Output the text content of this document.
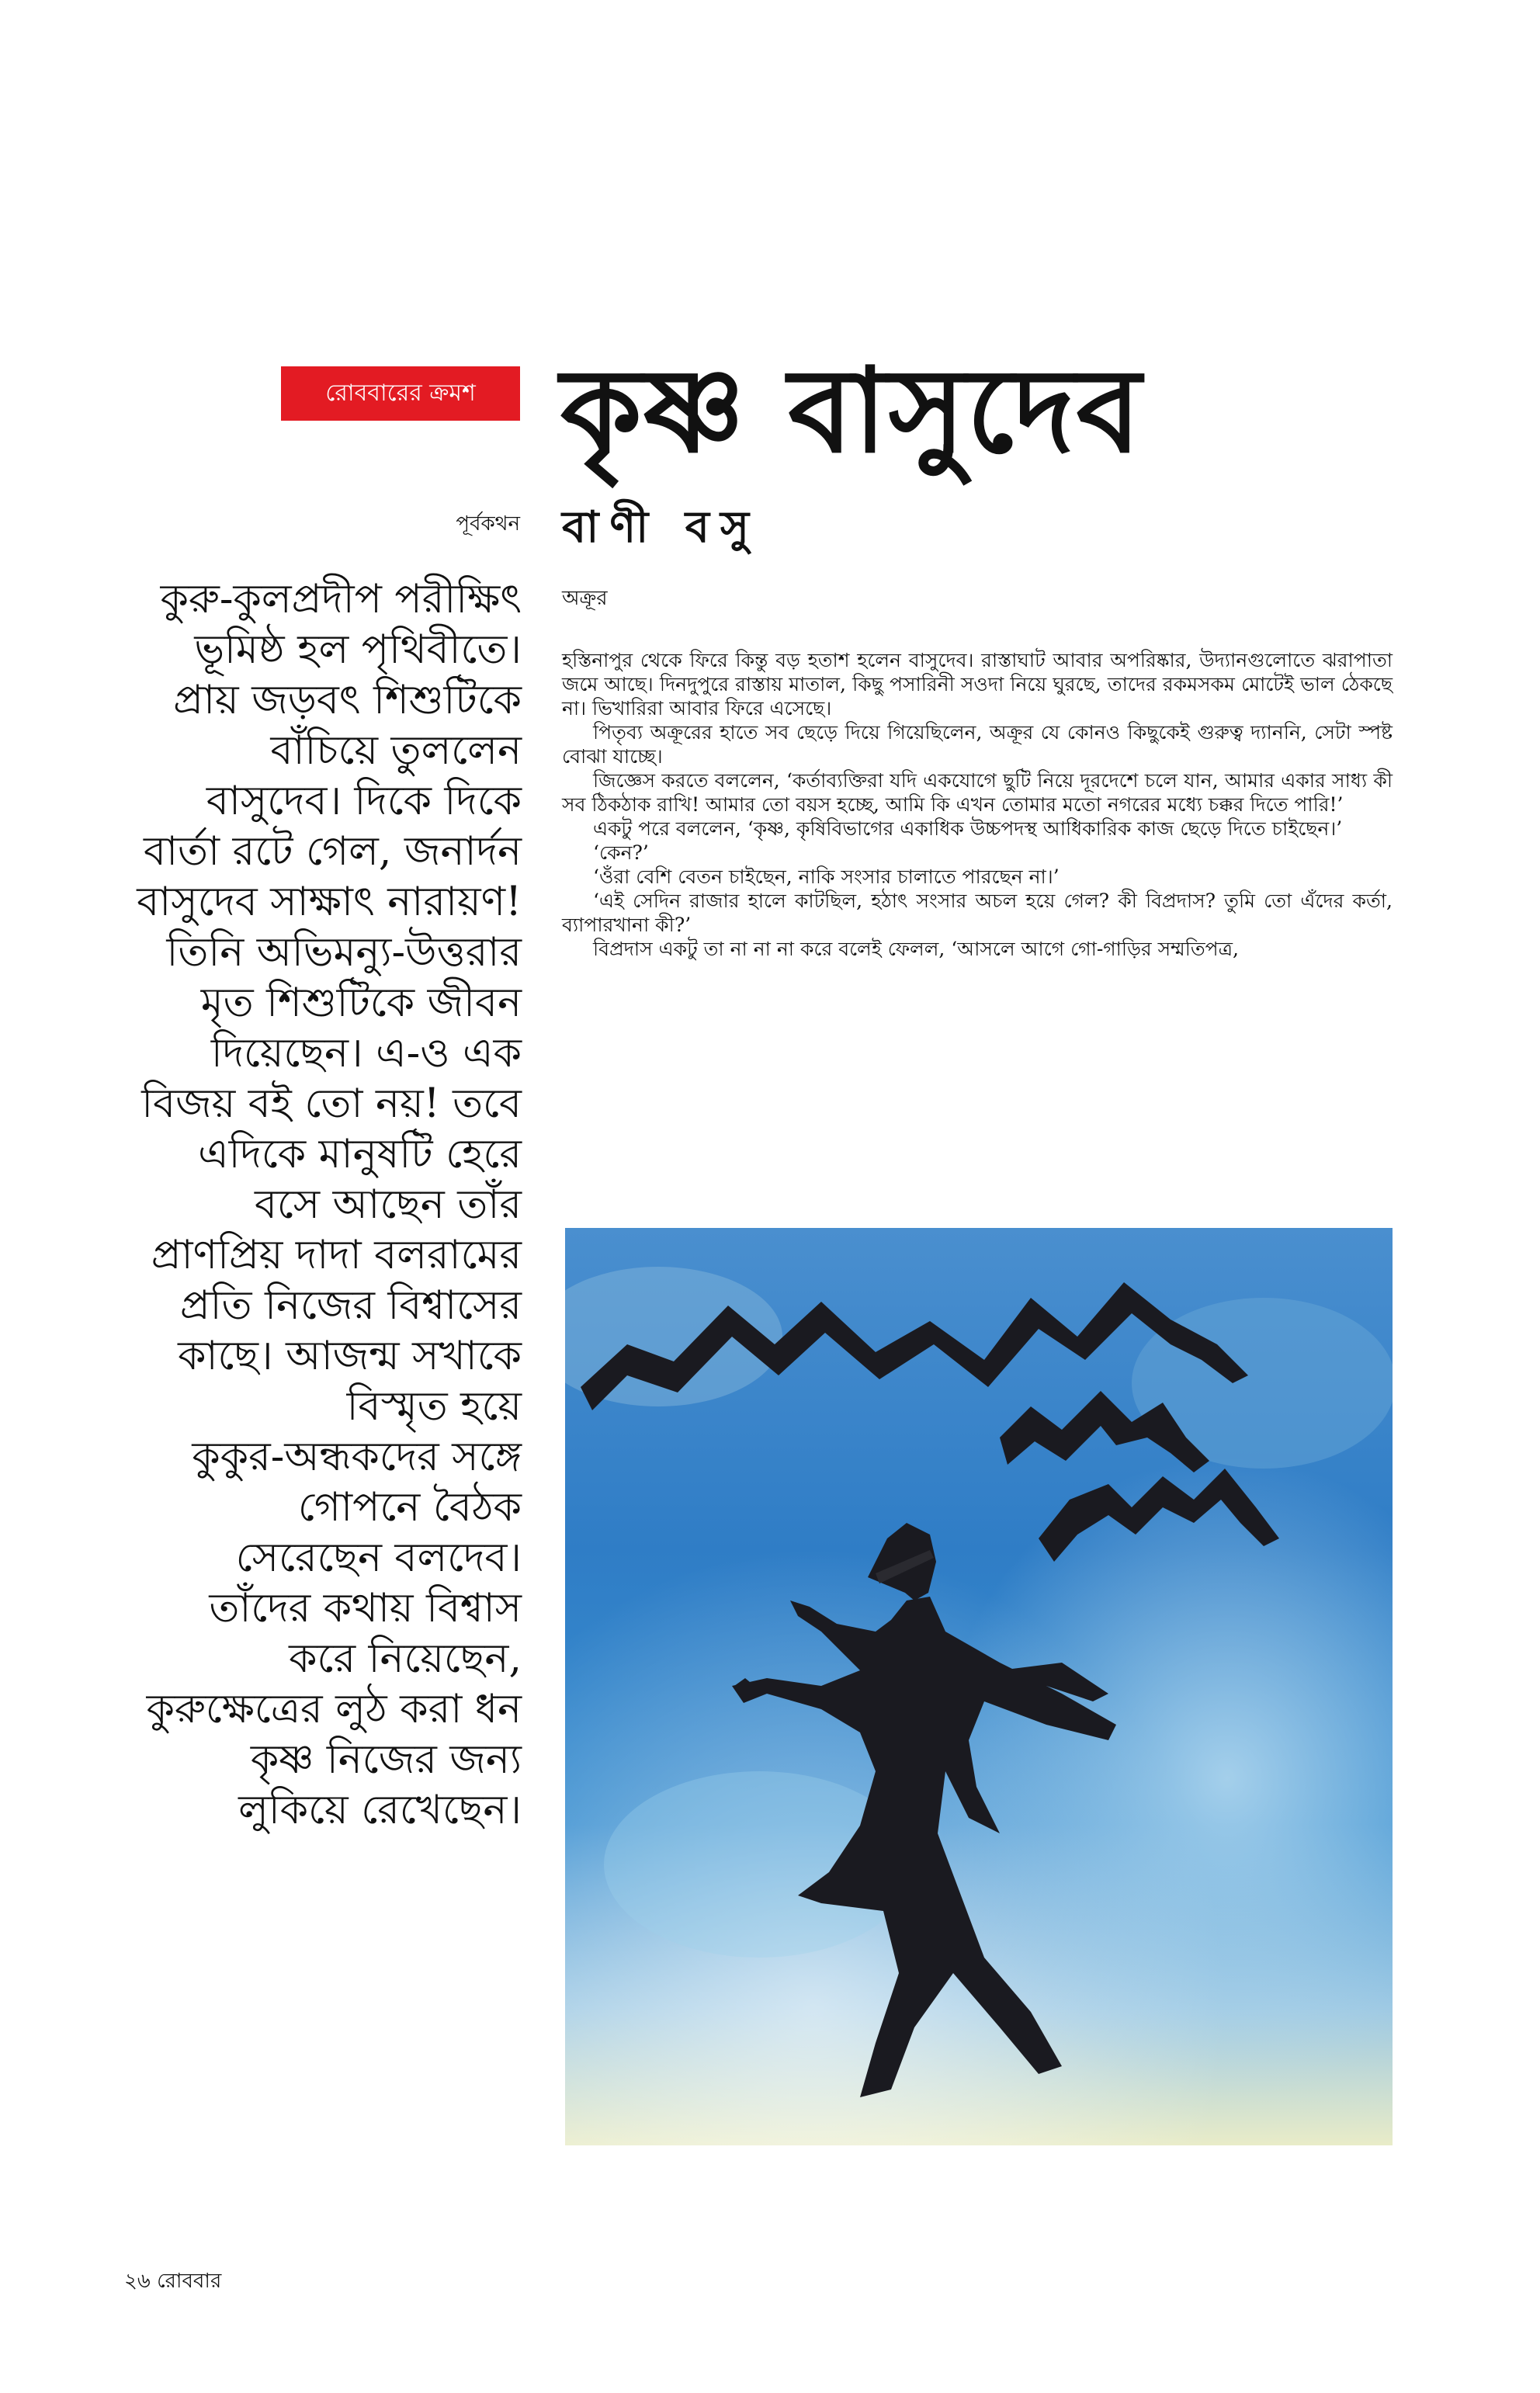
রোববারের ক্রমশ কৃষ্ণ বাসুদেব
পূর্বকথন বাণী বসু
কুরু-কুলপ্রদীপ পরীক্ষিৎ
ভূমিষ্ঠ হল পৃথিবীতে।
প্রায় জড়বৎ শিশুটিকে
বাঁচিয়ে তুললেন
বাসুদেব। দিকে দিকে
বার্তা রটে গেল, জনার্দন
বাসুদেব সাক্ষাৎ নারায়ণ!
তিনি অভিমন্যু-উত্তরার
মৃত শিশুটিকে জীবন
দিয়েছেন। এ-ও এক
বিজয় বই তো নয়! তবে
এদিকে মানুষটি হেরে
বসে আছেন তাঁর
প্রাণপ্রিয় দাদা বলরামের
প্রতি নিজের বিশ্বাসের
কাছে। আজন্ম সখাকে
বিস্মৃত হয়ে
কুকুর-অন্ধকদের সঙ্গে
গোপনে বৈঠক
সেরেছেন বলদেব।
তাঁদের কথায় বিশ্বাস
করে নিয়েছেন,
কুরুক্ষেত্রের লুঠ করা ধন
কৃষ্ণ নিজের জন্য
লুকিয়ে রেখেছেন।
অক্রূর

হস্তিনাপুর থেকে ফিরে কিন্তু বড় হতাশ হলেন বাসুদেব। রাস্তাঘাট আবার অপরিষ্কার, উদ্যানগুলোতে ঝরাপাতা জমে আছে। দিনদুপুরে রাস্তায় মাতাল, কিছু পসারিনী সওদা নিয়ে ঘুরছে, তাদের রকমসকম মোটেই ভাল ঠেকছে না। ভিখারিরা আবার ফিরে এসেছে।

পিতৃব্য অক্রূরের হাতে সব ছেড়ে দিয়ে গিয়েছিলেন, অক্রূর যে কোনও কিছুকেই গুরুত্ব দ্যাননি, সেটা স্পষ্ট বোঝা যাচ্ছে।

জিজ্ঞেস করতে বললেন, ‘কর্তাব্যক্তিরা যদি একযোগে ছুটি নিয়ে দূরদেশে চলে যান, আমার একার সাধ্য কী সব ঠিকঠাক রাখি! আমার তো বয়স হচ্ছে, আমি কি এখন তোমার মতো নগরের মধ্যে চক্কর দিতে পারি!’

একটু পরে বললেন, ‘কৃষ্ণ, কৃষিবিভাগের একাধিক উচ্চপদস্থ আধিকারিক কাজ ছেড়ে দিতে চাইছেন।’

‘কেন?’

‘ওঁরা বেশি বেতন চাইছেন, নাকি সংসার চালাতে পারছেন না।’

‘এই সেদিন রাজার হালে কাটছিল, হঠাৎ সংসার অচল হয়ে গেল? কী বিপ্রদাস? তুমি তো এঁদের কর্তা, ব্যাপারখানা কী?’

বিপ্রদাস একটু তা না না না করে বলেই ফেলল, ‘আসলে আগে গো-গাড়ির সম্মতিপত্র,

২৬ রোববার
